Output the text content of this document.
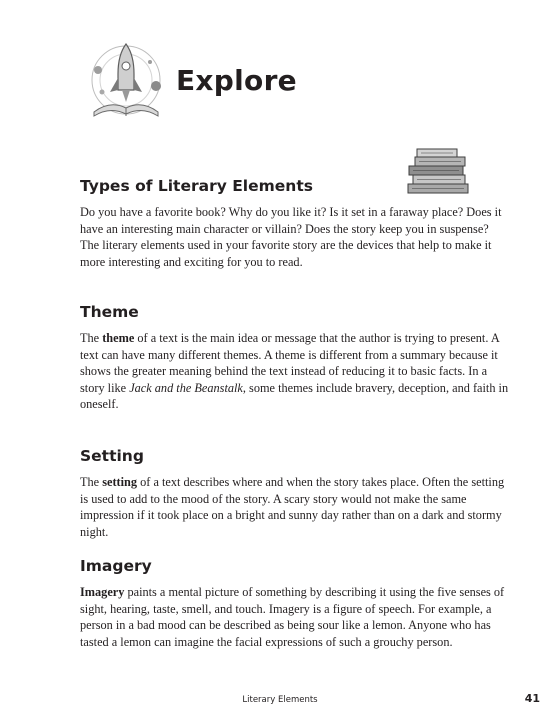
Explore
Types of Literary Elements

Do you have a favorite book? Why do you like it? Is it set in a faraway place? Does it have an interesting main character or villain? Does the story keep you in suspense? The literary elements used in your favorite story are the devices that help to make it more interesting and exciting for you to read.

Theme

The theme of a text is the main idea or message that the author is trying to present. A text can have many different themes. A theme is different from a summary because it shows the greater meaning behind the text instead of reducing it to basic facts. In a story like Jack and the Beanstalk, some themes include bravery, deception, and faith in oneself.

Setting

The setting of a text describes where and when the story takes place. Often the setting is used to add to the mood of the story. A scary story would not make the same impression if it took place on a bright and sunny day rather than on a dark and stormy night.

Imagery

Imagery paints a mental picture of something by describing it using the five senses of sight, hearing, taste, smell, and touch. Imagery is a figure of speech. For example, a person in a bad mood can be described as being sour like a lemon. Anyone who has tasted a lemon can imagine the facial expressions of such a grouchy person.

Literary Elements	41
